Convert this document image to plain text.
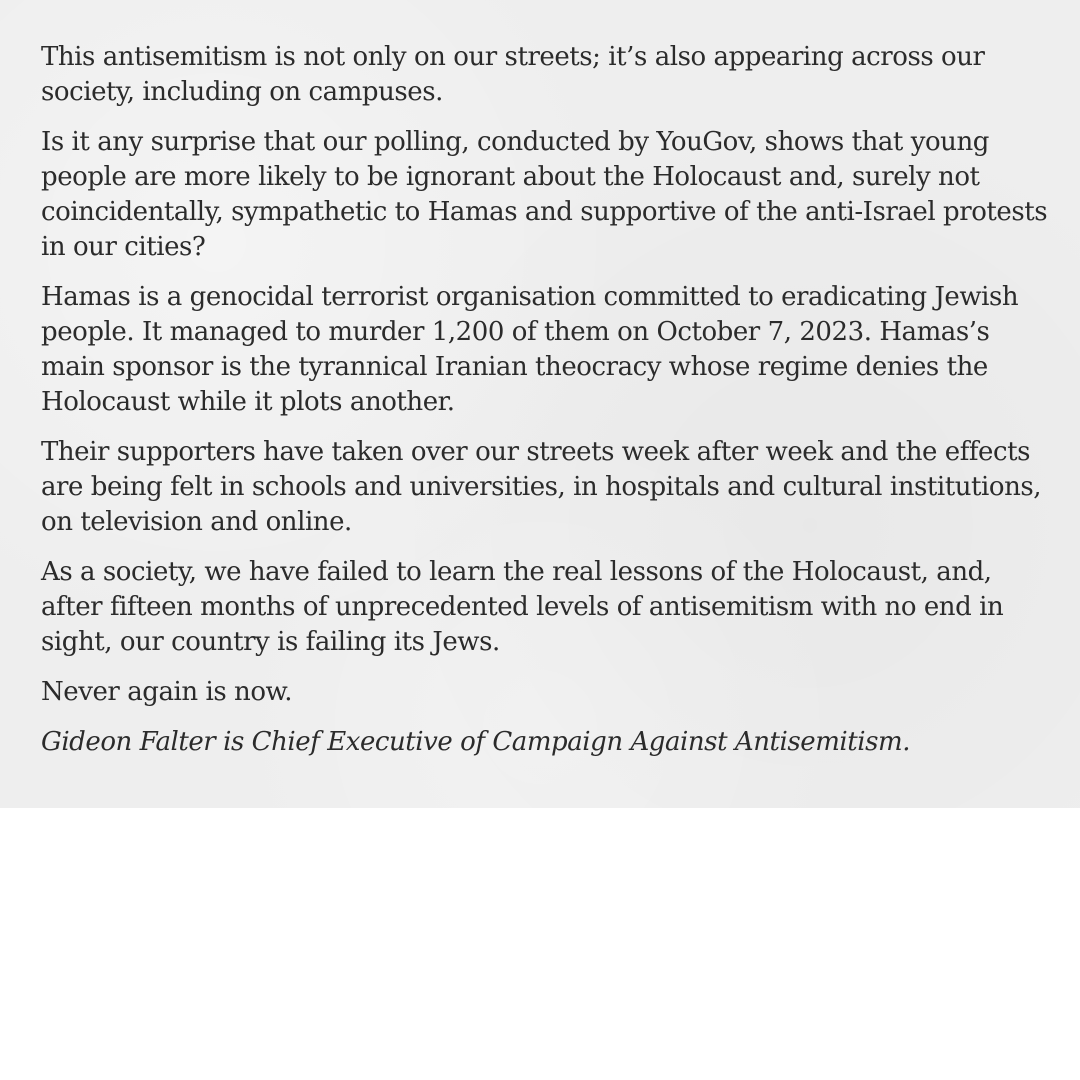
This antisemitism is not only on our streets; it’s also appearing across our society, including on campuses.

Is it any surprise that our polling, conducted by YouGov, shows that young people are more likely to be ignorant about the Holocaust and, surely not coincidentally, sympathetic to Hamas and supportive of the anti-Israel protests in our cities?

Hamas is a genocidal terrorist organisation committed to eradicating Jewish people. It managed to murder 1,200 of them on October 7, 2023. Hamas’s main sponsor is the tyrannical Iranian theocracy whose regime denies the Holocaust while it plots another.

Their supporters have taken over our streets week after week and the effects are being felt in schools and universities, in hospitals and cultural institutions, on television and online.

As a society, we have failed to learn the real lessons of the Holocaust, and, after fifteen months of unprecedented levels of antisemitism with no end in sight, our country is failing its Jews.

Never again is now.

Gideon Falter is Chief Executive of Campaign Against Antisemitism.
